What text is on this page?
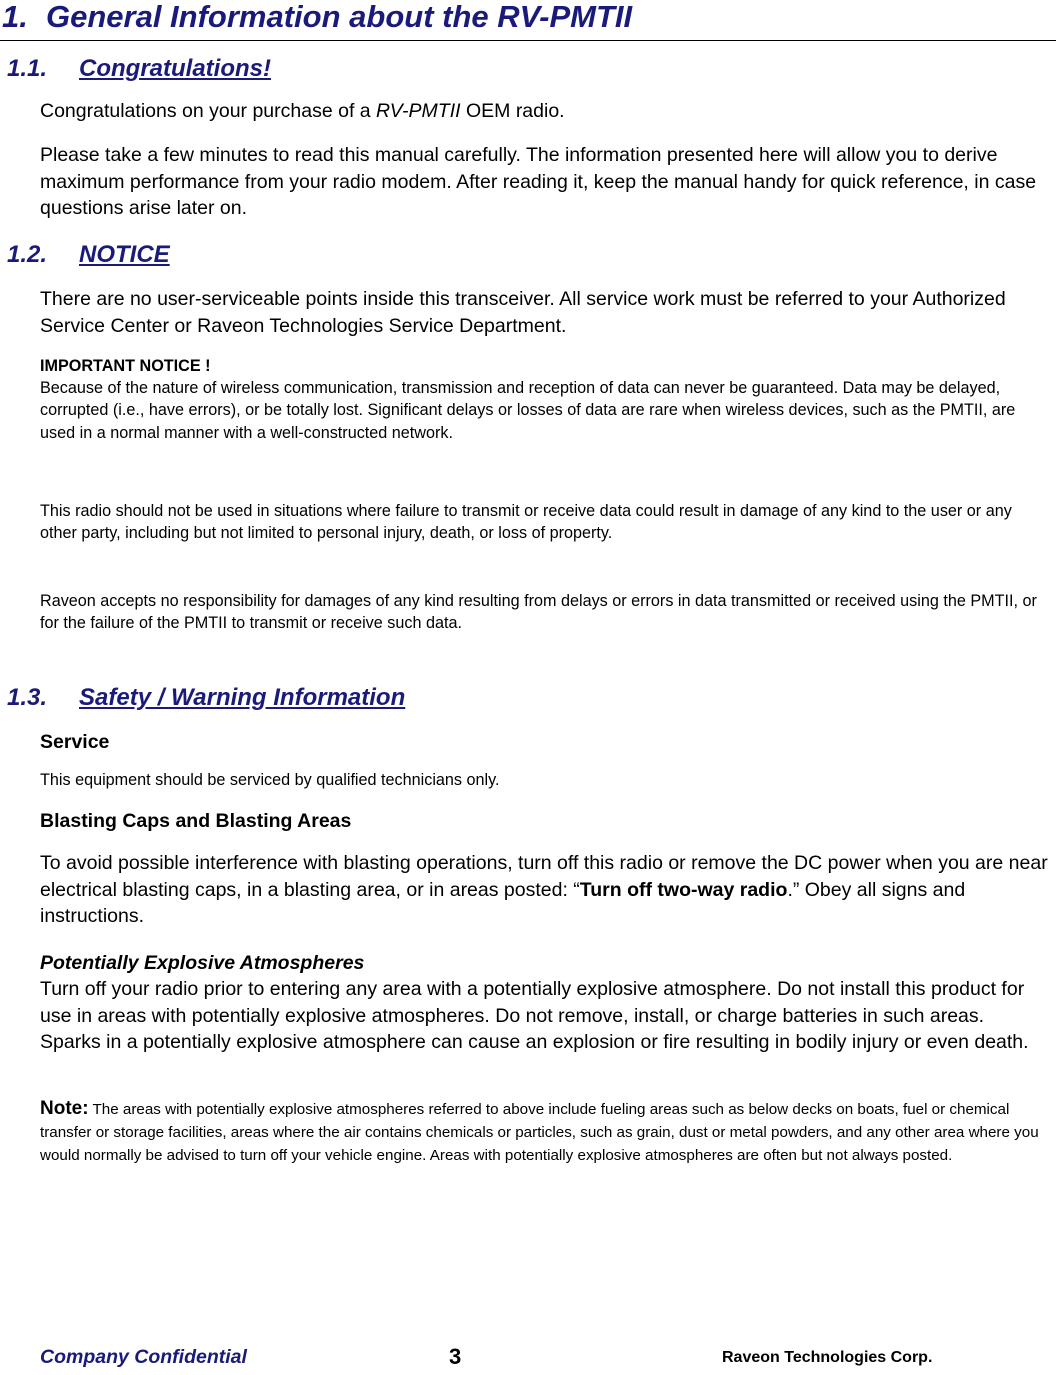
1. General Information about the RV-PMTII
1.1. Congratulations!
Congratulations on your purchase of a RV-PMTII OEM radio.
Please take a few minutes to read this manual carefully. The information presented here will allow you to derive maximum performance from your radio modem. After reading it, keep the manual handy for quick reference, in case questions arise later on.
1.2. NOTICE
There are no user-serviceable points inside this transceiver. All service work must be referred to your Authorized Service Center or Raveon Technologies Service Department.
IMPORTANT NOTICE !
Because of the nature of wireless communication, transmission and reception of data can never be guaranteed. Data may be delayed, corrupted (i.e., have errors), or be totally lost. Significant delays or losses of data are rare when wireless devices, such as the PMTII, are used in a normal manner with a well-constructed network.
This radio should not be used in situations where failure to transmit or receive data could result in damage of any kind to the user or any other party, including but not limited to personal injury, death, or loss of property.
Raveon accepts no responsibility for damages of any kind resulting from delays or errors in data transmitted or received using the PMTII, or for the failure of the PMTII to transmit or receive such data.
1.3. Safety / Warning Information
Service
This equipment should be serviced by qualified technicians only.
Blasting Caps and Blasting Areas
To avoid possible interference with blasting operations, turn off this radio or remove the DC power when you are near electrical blasting caps, in a blasting area, or in areas posted: “Turn off two-way radio.” Obey all signs and instructions.
Potentially Explosive Atmospheres
Turn off your radio prior to entering any area with a potentially explosive atmosphere. Do not install this product for use in areas with potentially explosive atmospheres. Do not remove, install, or charge batteries in such areas. Sparks in a potentially explosive atmosphere can cause an explosion or fire resulting in bodily injury or even death.
Note: The areas with potentially explosive atmospheres referred to above include fueling areas such as below decks on boats, fuel or chemical transfer or storage facilities, areas where the air contains chemicals or particles, such as grain, dust or metal powders, and any other area where you would normally be advised to turn off your vehicle engine. Areas with potentially explosive atmospheres are often but not always posted.
Company Confidential	3	Raveon Technologies Corp.
